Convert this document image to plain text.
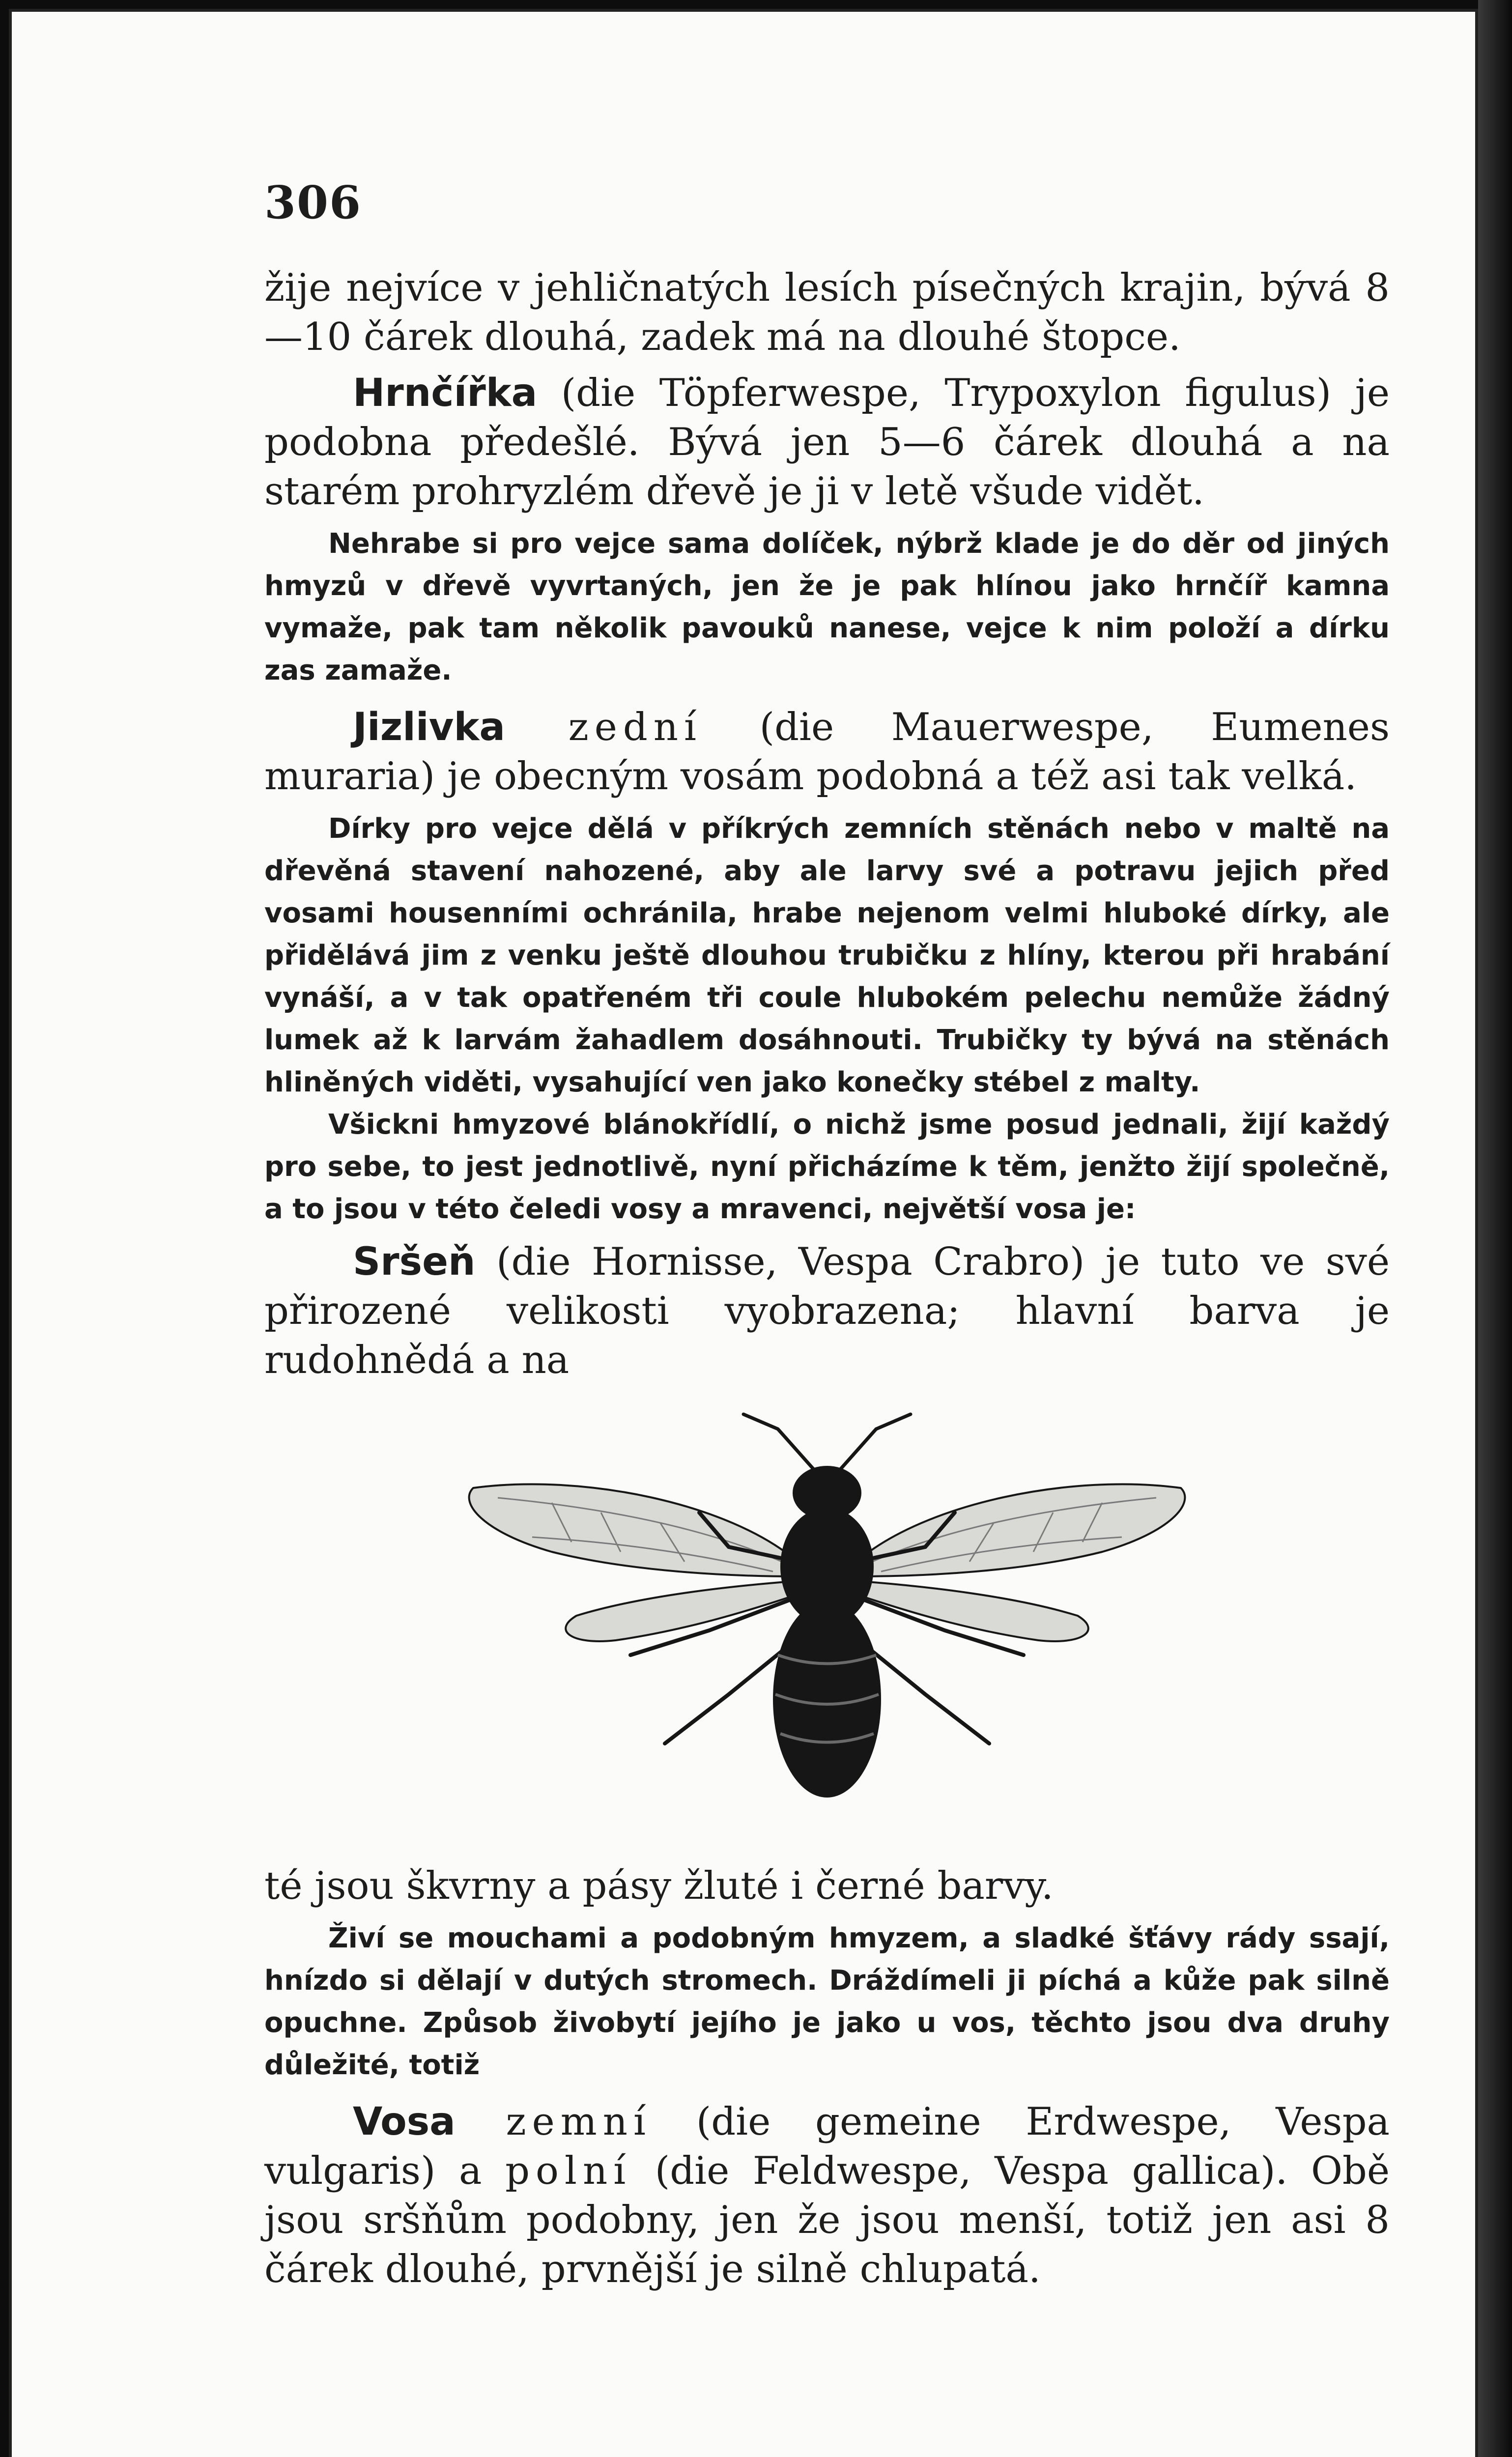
306

žije nejvíce v jehličnatých lesích písečných krajin, bývá 8—10 čárek dlouhá, zadek má na dlouhé štopce.

Hrnčířka (die Töpferwespe, Trypoxylon figulus) je podobna předešlé. Bývá jen 5—6 čárek dlouhá a na starém prohryzlém dřevě je ji v letě všude vidět.

Nehrabe si pro vejce sama dolíček, nýbrž klade je do děr od jiných hmyzů v dřevě vyvrtaných, jen že je pak hlínou jako hrnčíř kamna vymaže, pak tam několik pavouků nanese, vejce k nim položí a dírku zas zamaže.

Jizlivka zední (die Mauerwespe, Eumenes muraria) je obecným vosám podobná a též asi tak velká.

Dírky pro vejce dělá v příkrých zemních stěnách nebo v maltě na dřevěná stavení nahozené, aby ale larvy své a potravu jejich před vosami housenními ochránila, hrabe nejenom velmi hluboké dírky, ale přidělává jim z venku ještě dlouhou trubičku z hlíny, kterou při hrabání vynáší, a v tak opatřeném tři coule hlubokém pelechu nemůže žádný lumek až k larvám žahadlem dosáhnouti. Trubičky ty bývá na stěnách hliněných viděti, vysahující ven jako konečky stébel z malty.

Všickni hmyzové blánokřídlí, o nichž jsme posud jednali, žijí každý pro sebe, to jest jednotlivě, nyní přicházíme k těm, jenžto žijí společně, a to jsou v této čeledi vosy a mravenci, největší vosa je:

Sršeň (die Hornisse, Vespa Crabro) je tuto ve své přirozené velikosti vyobrazena; hlavní barva je rudohnědá a na

té jsou škvrny a pásy žluté i černé barvy.

Živí se mouchami a podobným hmyzem, a sladké šťávy rády ssají, hnízdo si dělají v dutých stromech. Dráždímeli ji píchá a kůže pak silně opuchne. Způsob živobytí jejího je jako u vos, těchto jsou dva druhy důležité, totiž

Vosa zemní (die gemeine Erdwespe, Vespa vulgaris) a polní (die Feldwespe, Vespa gallica). Obě jsou sršňům podobny, jen že jsou menší, totiž jen asi 8 čárek dlouhé, prvnější je silně chlupatá.
